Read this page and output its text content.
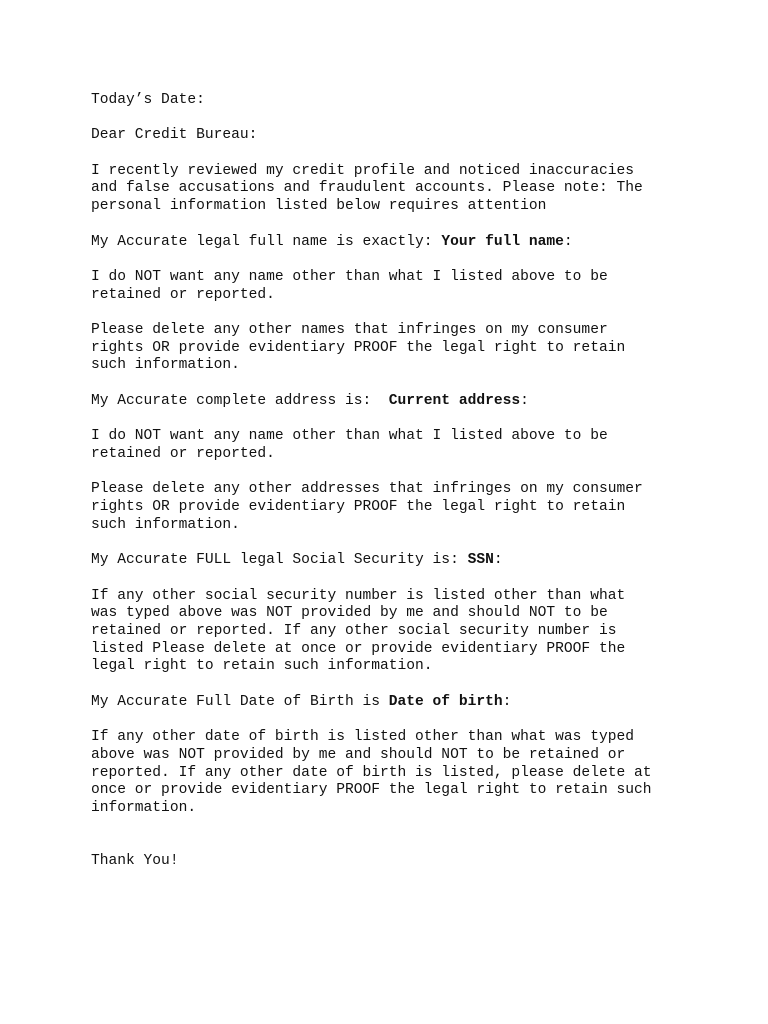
Today’s Date:

Dear Credit Bureau:

I recently reviewed my credit profile and noticed inaccuracies
and false accusations and fraudulent accounts. Please note: The
personal information listed below requires attention

My Accurate legal full name is exactly: Your full name:

I do NOT want any name other than what I listed above to be
retained or reported.

Please delete any other names that infringes on my consumer
rights OR provide evidentiary PROOF the legal right to retain
such information.

My Accurate complete address is:  Current address:

I do NOT want any name other than what I listed above to be
retained or reported.

Please delete any other addresses that infringes on my consumer
rights OR provide evidentiary PROOF the legal right to retain
such information.

My Accurate FULL legal Social Security is: SSN:

If any other social security number is listed other than what
was typed above was NOT provided by me and should NOT to be
retained or reported. If any other social security number is
listed Please delete at once or provide evidentiary PROOF the
legal right to retain such information.

My Accurate Full Date of Birth is Date of birth:

If any other date of birth is listed other than what was typed
above was NOT provided by me and should NOT to be retained or
reported. If any other date of birth is listed, please delete at
once or provide evidentiary PROOF the legal right to retain such
information.

Thank You!
